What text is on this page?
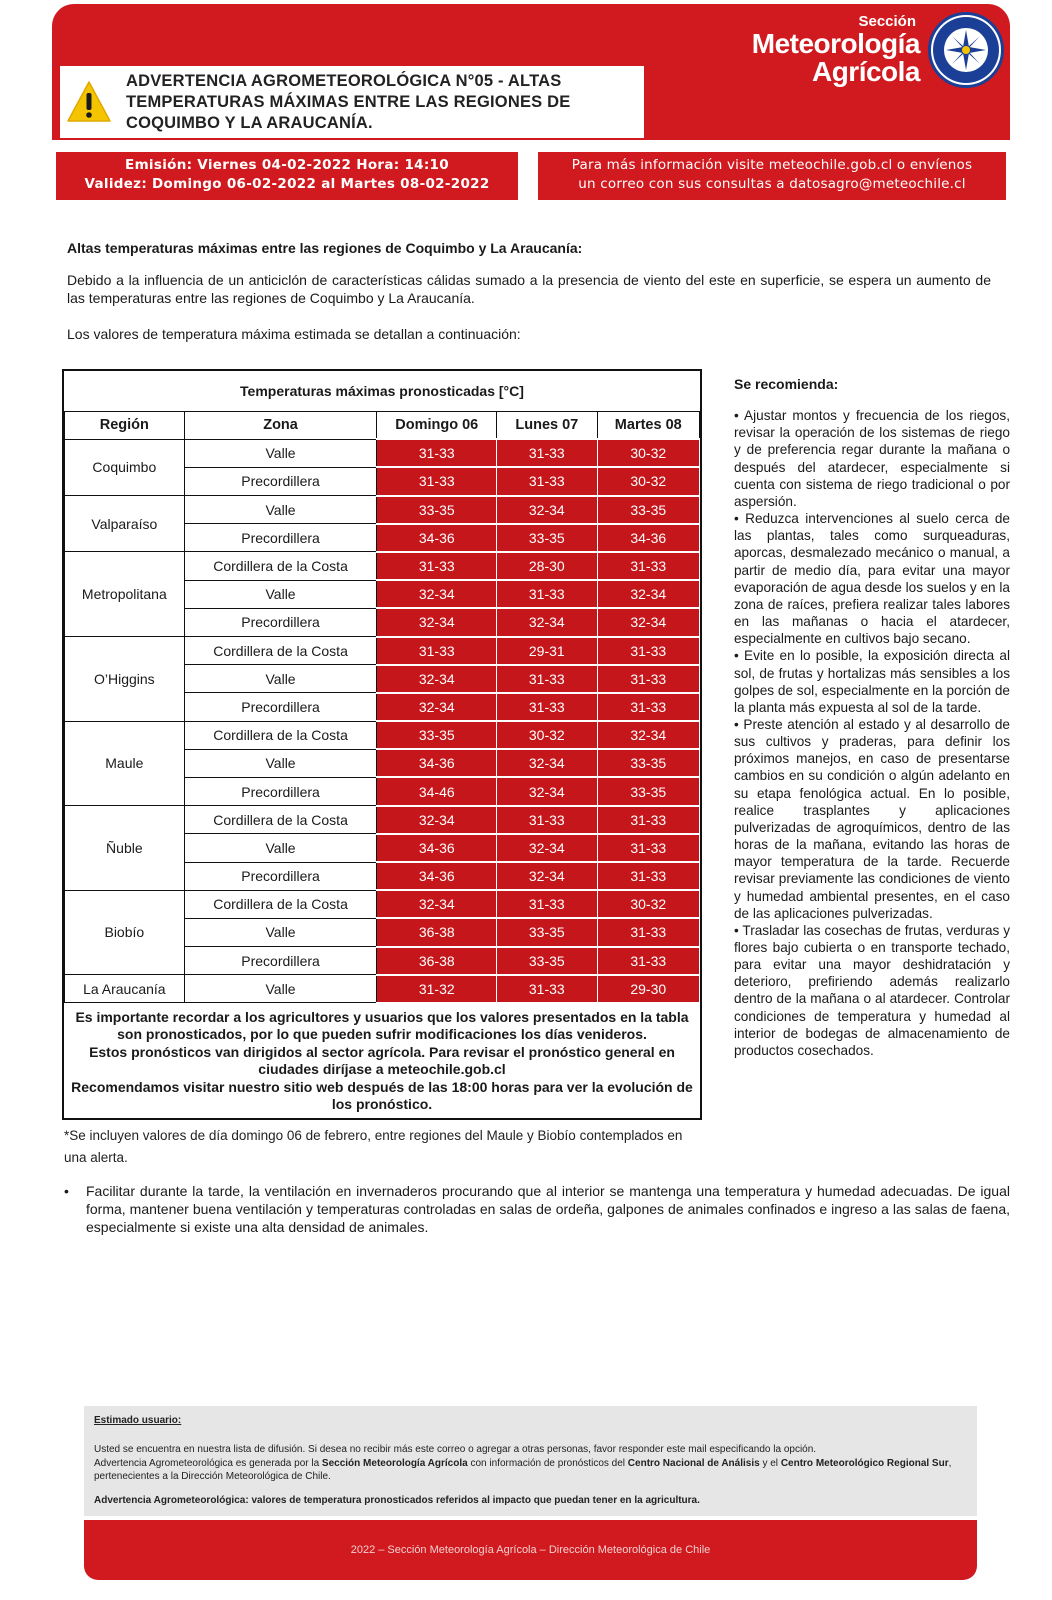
ADVERTENCIA AGROMETEOROLÓGICA N°05 - ALTAS
TEMPERATURAS MÁXIMAS ENTRE LAS REGIONES DE
COQUIMBO Y LA ARAUCANÍA.
Sección
Meteorología
Agrícola
Emisión: Viernes 04-02-2022 Hora: 14:10
Validez: Domingo 06-02-2022 al Martes 08-02-2022
Para más información visite meteochile.gob.cl o envíenos
un correo con sus consultas a datosagro@meteochile.cl
Altas temperaturas máximas entre las regiones de Coquimbo y La Araucanía:
Debido a la influencia de un anticiclón de características cálidas sumado a la presencia de viento del este en superficie, se espera un aumento de las temperaturas entre las regiones de Coquimbo y La Araucanía.
Los valores de temperatura máxima estimada se detallan a continuación:
Temperaturas máximas pronosticadas [°C]				
Región	Zona	Domingo 06	Lunes 07	Martes 08
Coquimbo	Valle	31-33	31-33	30-32
	Precordillera	31-33	31-33	30-32
Valparaíso	Valle	33-35	32-34	33-35
	Precordillera	34-36	33-35	34-36
Metropolitana	Cordillera de la Costa	31-33	28-30	31-33
	Valle	32-34	31-33	32-34
	Precordillera	32-34	32-34	32-34
O’Higgins	Cordillera de la Costa	31-33	29-31	31-33
	Valle	32-34	31-33	31-33
	Precordillera	32-34	31-33	31-33
Maule	Cordillera de la Costa	33-35	30-32	32-34
	Valle	34-36	32-34	33-35
	Precordillera	34-46	32-34	33-35
Ñuble	Cordillera de la Costa	32-34	31-33	31-33
	Valle	34-36	32-34	31-33
	Precordillera	34-36	32-34	31-33
Biobío	Cordillera de la Costa	32-34	31-33	30-32
	Valle	36-38	33-35	31-33
	Precordillera	36-38	33-35	31-33
La Araucanía	Valle	31-32	31-33	29-30

Es importante recordar a los agricultores y usuarios que los valores presentados en la tabla son pronosticados, por lo que pueden sufrir modificaciones los días venideros.
Estos pronósticos van dirigidos al sector agrícola. Para revisar el pronóstico general en ciudades diríjase a meteochile.gob.cl
Recomendamos visitar nuestro sitio web después de las 18:00 horas para ver la evolución de los pronóstico.				
*Se incluyen valores de día domingo 06 de febrero, entre regiones del Maule y Biobío contemplados en una alerta.
Se recomienda:

• Ajustar montos y frecuencia de los riegos, revisar la operación de los sistemas de riego y de preferencia regar durante la mañana o después del atardecer, especialmente si cuenta con sistema de riego tradicional o por aspersión.

• Reduzca intervenciones al suelo cerca de las plantas, tales como surqueaduras, aporcas, desmalezado mecánico o manual, a partir de medio día, para evitar una mayor evaporación de agua desde los suelos y en la zona de raíces, prefiera realizar tales labores en las mañanas o hacia el atardecer, especialmente en cultivos bajo secano.

• Evite en lo posible, la exposición directa al sol, de frutas y hortalizas más sensibles a los golpes de sol, especialmente en la porción de la planta más expuesta al sol de la tarde.

• Preste atención al estado y al desarrollo de sus cultivos y praderas, para definir los próximos manejos, en caso de presentarse cambios en su condición o algún adelanto en su etapa fenológica actual. En lo posible, realice trasplantes y aplicaciones pulverizadas de agroquímicos, dentro de las horas de la mañana, evitando las horas de mayor temperatura de la tarde. Recuerde revisar previamente las condiciones de viento y humedad ambiental presentes, en el caso de las aplicaciones pulverizadas.

• Trasladar las cosechas de frutas, verduras y flores bajo cubierta o en transporte techado, para evitar una mayor deshidratación y deterioro, prefiriendo además realizarlo dentro de la mañana o al atardecer. Controlar condiciones de temperatura y humedad al interior de bodegas de almacenamiento de productos cosechados.

•	Facilitar durante la tarde, la ventilación en invernaderos procurando que al interior se mantenga una temperatura y humedad adecuadas. De igual forma, mantener buena ventilación y temperaturas controladas en salas de ordeña, galpones de animales confinados e ingreso a las salas de faena, especialmente si existe una alta densidad de animales.
Estimado usuario:
Usted se encuentra en nuestra lista de difusión. Si desea no recibir más este correo o agregar a otras personas, favor responder este mail especificando la opción.
Advertencia Agrometeorológica es generada por la Sección Meteorología Agrícola con información de pronósticos del Centro Nacional de Análisis y el Centro Meteorológico Regional Sur, pertenecientes a la Dirección Meteorológica de Chile.
Advertencia Agrometeorológica: valores de temperatura pronosticados referidos al impacto que puedan tener en la agricultura.
2022 – Sección Meteorología Agrícola – Dirección Meteorológica de Chile
